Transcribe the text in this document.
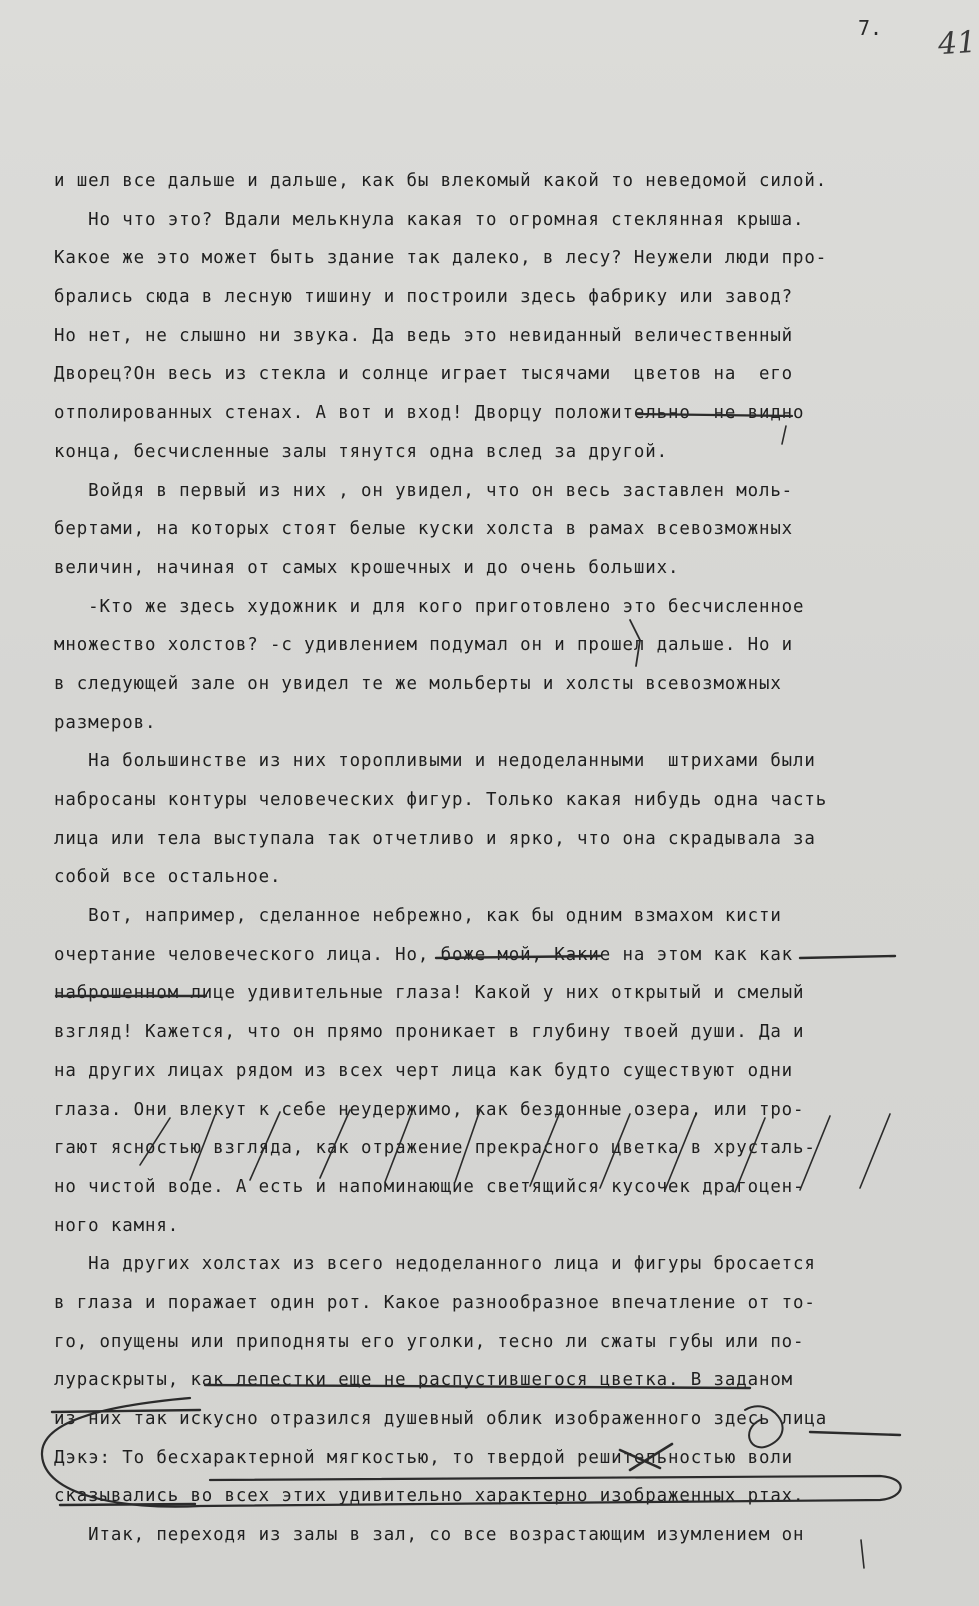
7. 41
и шел все дальше и дальше, как бы влекомый какой то неведомой силой.
Но что это? Вдали мелькнула какая то огромная стеклянная крыша.
Какое же это может быть здание так далеко, в лесу? Неужели люди про-
брались сюда в лесную тишину и построили здесь фабрику или завод?
Но нет, не слышно ни звука. Да ведь это невиданный величественный
Дворец?Он весь из стекла и солнце играет тысячами  цветов на  его
отполированных стенах. А вот и вход! Дворцу положительно  не видно
конца, бесчисленные залы тянутся одна вслед за другой.
Войдя в первый из них , он увидел, что он весь заставлен моль-
бертами, на которых стоят белые куски холста в рамах всевозможных
величин, начиная от самых крошечных и до очень больших.
-Кто же здесь художник и для кого приготовлено это бесчисленное
множество холстов? -с удивлением подумал он и прошел дальше. Но и
в следующей зале он увидел те же мольберты и холсты всевозможных
размеров.
На большинстве из них торопливыми и недоделанными  штрихами были
набросаны контуры человеческих фигур. Только какая нибудь одна часть
лица или тела выступала так отчетливо и ярко, что она скрадывала за
собой все остальное.
Вот, например, сделанное небрежно, как бы одним взмахом кисти
очертание человеческого лица. Но, боже мой, Какие на этом как как
наброшенном лице удивительные глаза! Какой у них открытый и смелый
взгляд! Кажется, что он прямо проникает в глубину твоей души. Да и
на других лицах рядом из всех черт лица как будто существуют одни
глаза. Они влекут к себе неудержимо, как бездонные озера, или тро-
гают ясностью взгляда, как отражение прекрасного цветка в хрусталь-
но чистой воде. А есть и напоминающие светящийся кусочек драгоцен-
ного камня.
На других холстах из всего недоделанного лица и фигуры бросается
в глаза и поражает один рот. Какое разнообразное впечатление от то-
го, опущены или приподняты его уголки, тесно ли сжаты губы или по-
лураскрыты, как лепестки еще не распустившегося цветка. В заданом
из них так искусно отразился душевный облик изображенного здесь лица
Дэкэ: То бесхарактерной мягкостью, то твердой решительностью воли
сказывались во всех этих удивительно характерно изображенных ртах.
Итак, переходя из залы в зал, со все возрастающим изумлением он
